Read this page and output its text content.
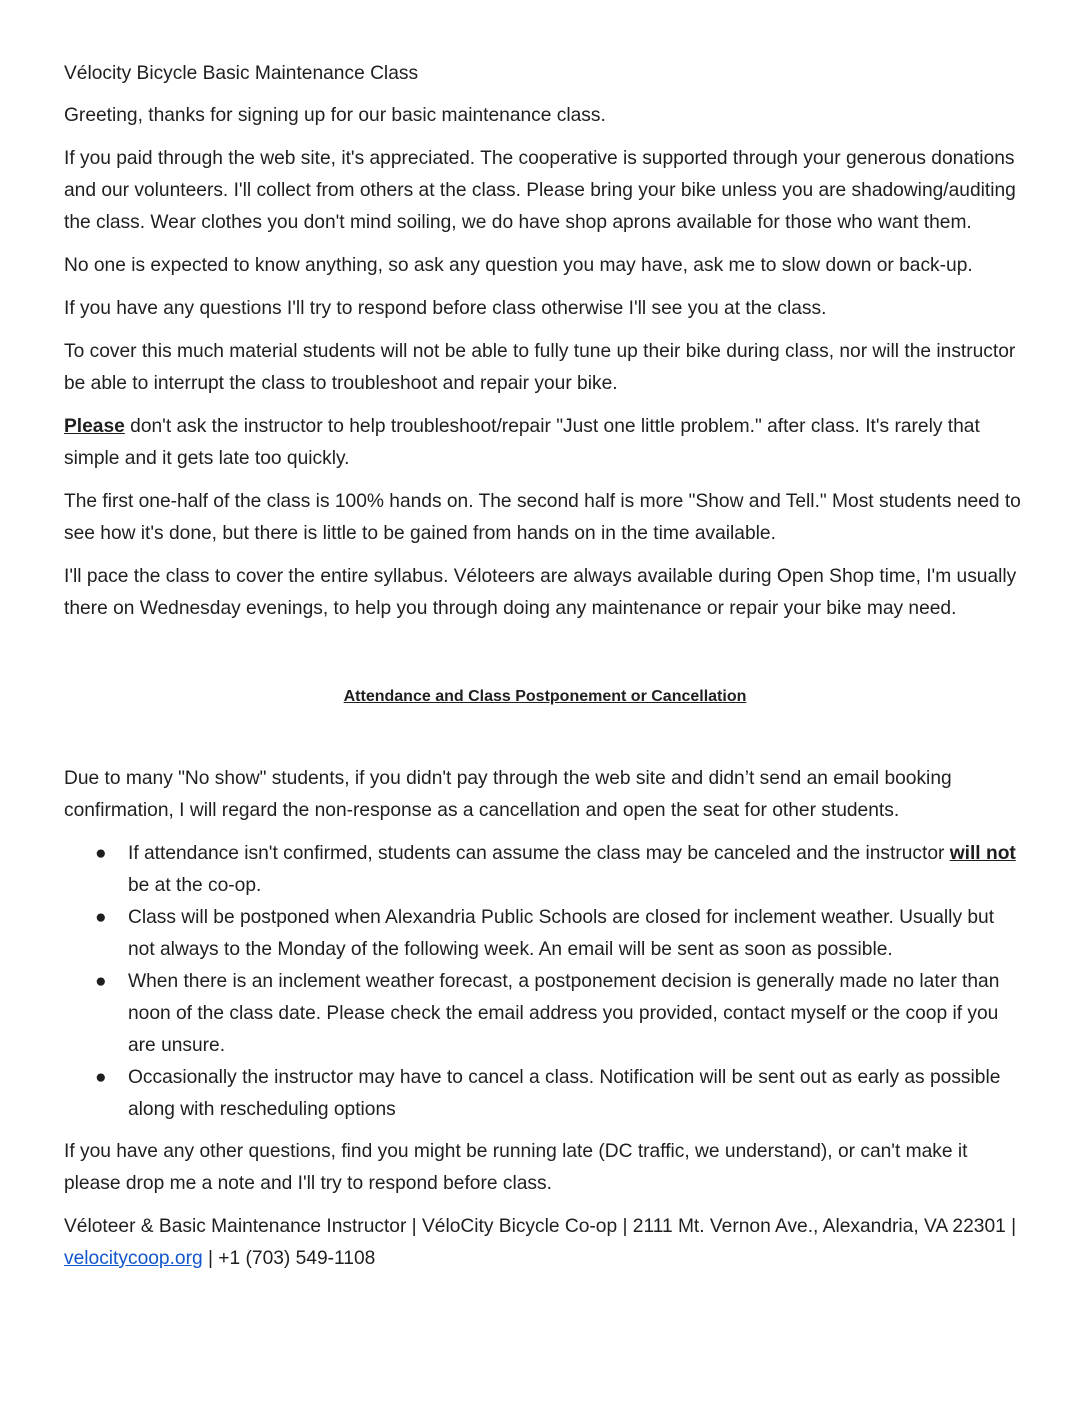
Vélocity Bicycle Basic Maintenance Class

Greeting, thanks for signing up for our basic maintenance class.

If you paid through the web site, it's appreciated. The cooperative is supported through your generous donations and our volunteers. I'll collect from others at the class. Please bring your bike unless you are shadowing/auditing the class. Wear clothes you don't mind soiling, we do have shop aprons available for those who want them.

No one is expected to know anything, so ask any question you may have, ask me to slow down or back-up.

If you have any questions I'll try to respond before class otherwise I'll see you at the class.

To cover this much material students will not be able to fully tune up their bike during class, nor will the instructor be able to interrupt the class to troubleshoot and repair your bike.

Please don't ask the instructor to help troubleshoot/repair "Just one little problem." after class. It's rarely that simple and it gets late too quickly.

The first one-half of the class is 100% hands on. The second half is more "Show and Tell." Most students need to see how it's done, but there is little to be gained from hands on in the time available.

I'll pace the class to cover the entire syllabus. Véloteers are always available during Open Shop time, I'm usually there on Wednesday evenings, to help you through doing any maintenance or repair your bike may need.

Attendance and Class Postponement or Cancellation

Due to many "No show" students, if you didn't pay through the web site and didn’t send an email booking confirmation, I will regard the non-response as a cancellation and open the seat for other students.

● If attendance isn't confirmed, students can assume the class may be canceled and the instructor will not be at the co-op.
● Class will be postponed when Alexandria Public Schools are closed for inclement weather. Usually but not always to the Monday of the following week. An email will be sent as soon as possible.
● When there is an inclement weather forecast, a postponement decision is generally made no later than noon of the class date. Please check the email address you provided, contact myself or the coop if you are unsure.
● Occasionally the instructor may have to cancel a class. Notification will be sent out as early as possible along with rescheduling options

If you have any other questions, find you might be running late (DC traffic, we understand), or can't make it please drop me a note and I'll try to respond before class.

Véloteer & Basic Maintenance Instructor | VéloCity Bicycle Co-op | 2111 Mt. Vernon Ave., Alexandria, VA 22301 | velocitycoop.org | +1 (703) 549-1108
